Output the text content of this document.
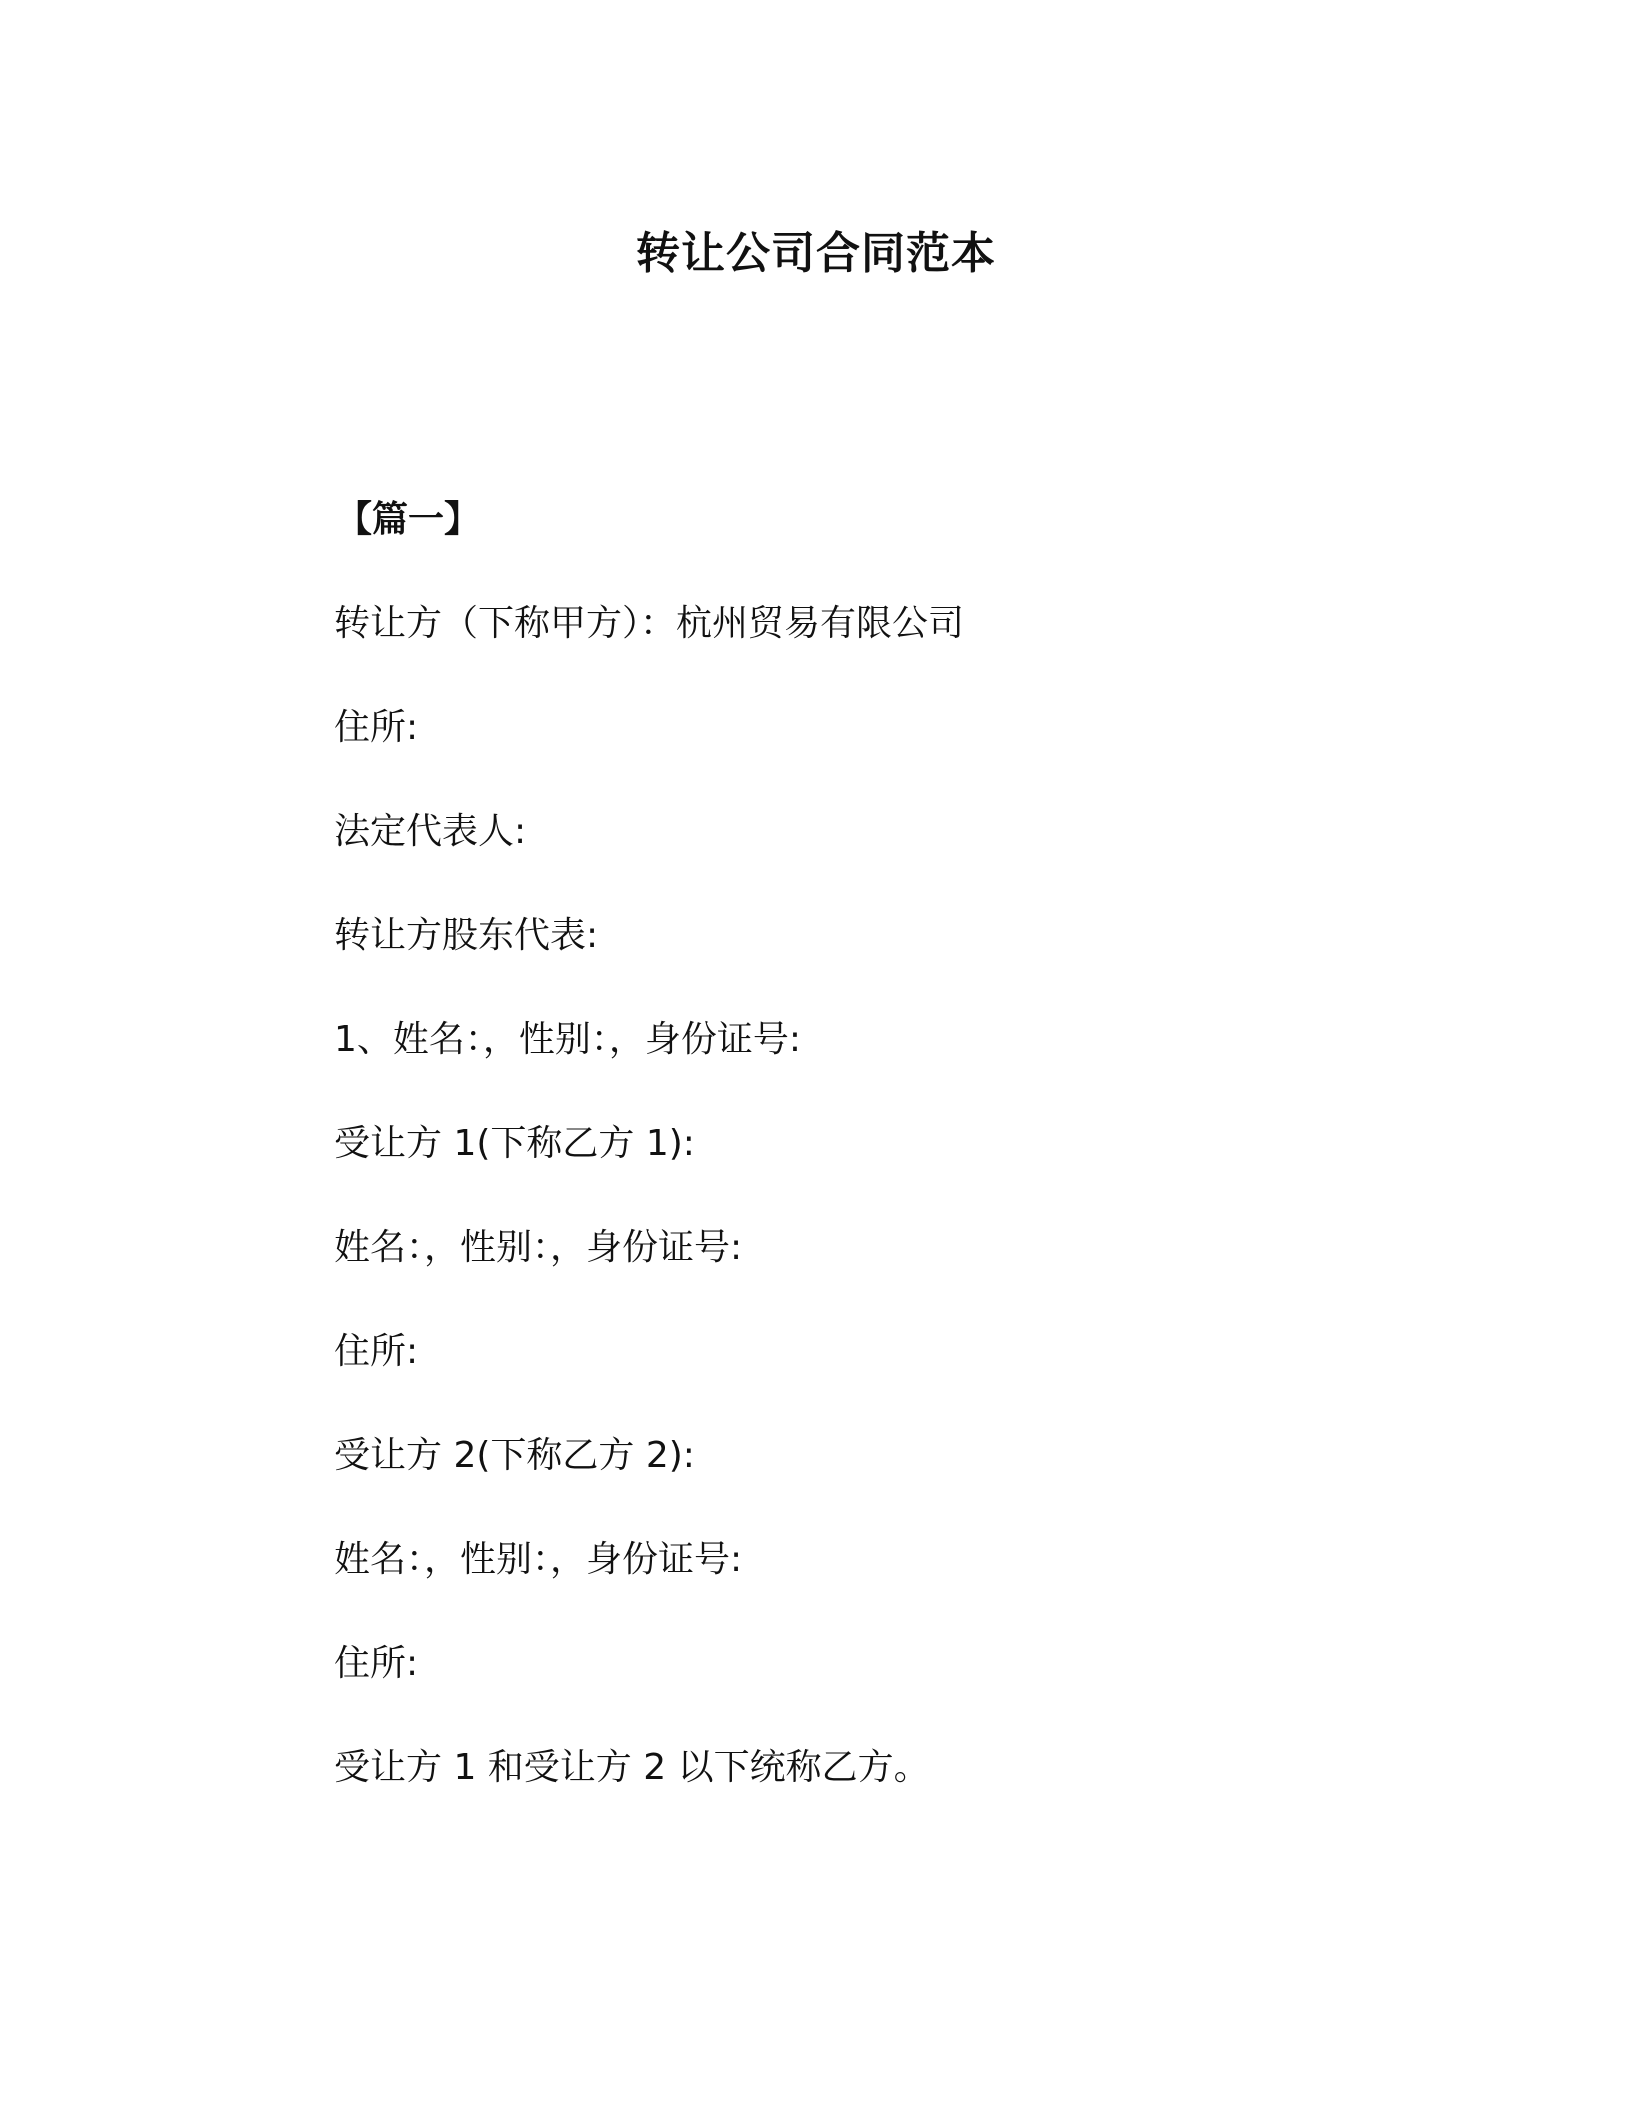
转让公司合同范本
【篇一】
转让方（下称甲方）：杭州贸易有限公司
住所:
法定代表人:
转让方股东代表:
1、姓名：，性别：，身份证号:
受让方 1(下称乙方 1):
姓名：，性别：，身份证号:
住所:
受让方 2(下称乙方 2):
姓名：，性别：，身份证号:
住所:
受让方 1 和受让方 2 以下统称乙方。
